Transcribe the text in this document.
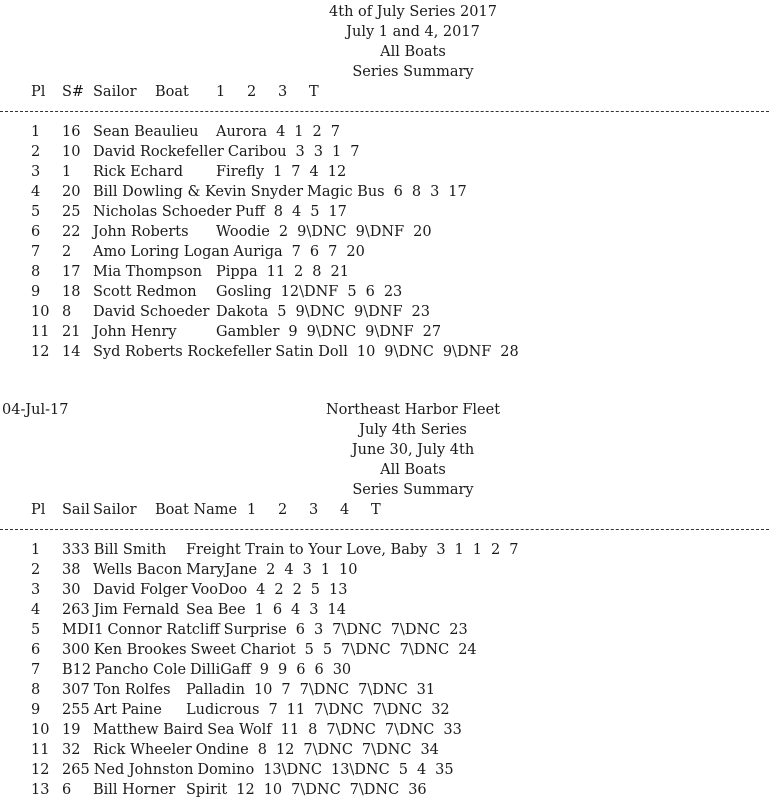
4th of July Series 2017
July 1 and 4, 2017
All Boats
Series Summary
Pl S# Sailor Boat 1 2 3 T
1 16 Sean Beaulieu Aurora 4 1 2 7
2 10 David Rockefeller Caribou 3 3 1 7
3 1 Rick Echard Firefly 1 7 4 12
4 20 Bill Dowling & Kevin Snyder Magic Bus 6 8 3 17
5 25 Nicholas Schoeder Puff 8 4 5 17
6 22 John Roberts Woodie 2 9\DNC 9\DNF 20
7 2 Amo Loring Logan Auriga 7 6 7 20
8 17 Mia Thompson Pippa 11 2 8 21
9 18 Scott Redmon Gosling 12\DNF 5 6 23
10 8 David Schoeder Dakota 5 9\DNC 9\DNF 23
11 21 John Henry	Gambler 9 9\DNC 9\DNF 27
12 14 Syd Roberts Rockefeller Satin Doll 10 9\DNC 9\DNF 28
04-Jul-17	Northeast Harbor Fleet
July 4th Series
June 30, July 4th
All Boats
Series Summary
Pl Sail Sailor Boat Name 1 2 3 4 T
1 333 Bill Smith Freight Train to Your Love, Baby 3 1 1 2 7
2 38 Wells Bacon MaryJane 2 4 3 1 10
3 30 David Folger VooDoo 4 2 2 5 13
4 263 Jim Fernald Sea Bee 1 6 4 3 14
5 MDI1 Connor Ratcliff Surprise 6 3 7\DNC 7\DNC 23
6 300 Ken Brookes Sweet Chariot 5 5 7\DNC 7\DNC 24
7 B12 Pancho Cole DilliGaff 9 9 6 6 30
8 307 Ton Rolfes Palladin 10 7 7\DNC 7\DNC 31
9 255 Art Paine Ludicrous 7 11 7\DNC 7\DNC 32
10 19 Matthew Baird Sea Wolf 11 8 7\DNC 7\DNC 33
11 32 Rick Wheeler Ondine 8 12 7\DNC 7\DNC 34
12 265 Ned Johnston Domino 13\DNC 13\DNC 5 4 35
13 6 Bill Horner Spirit 12 10 7\DNC 7\DNC 36
